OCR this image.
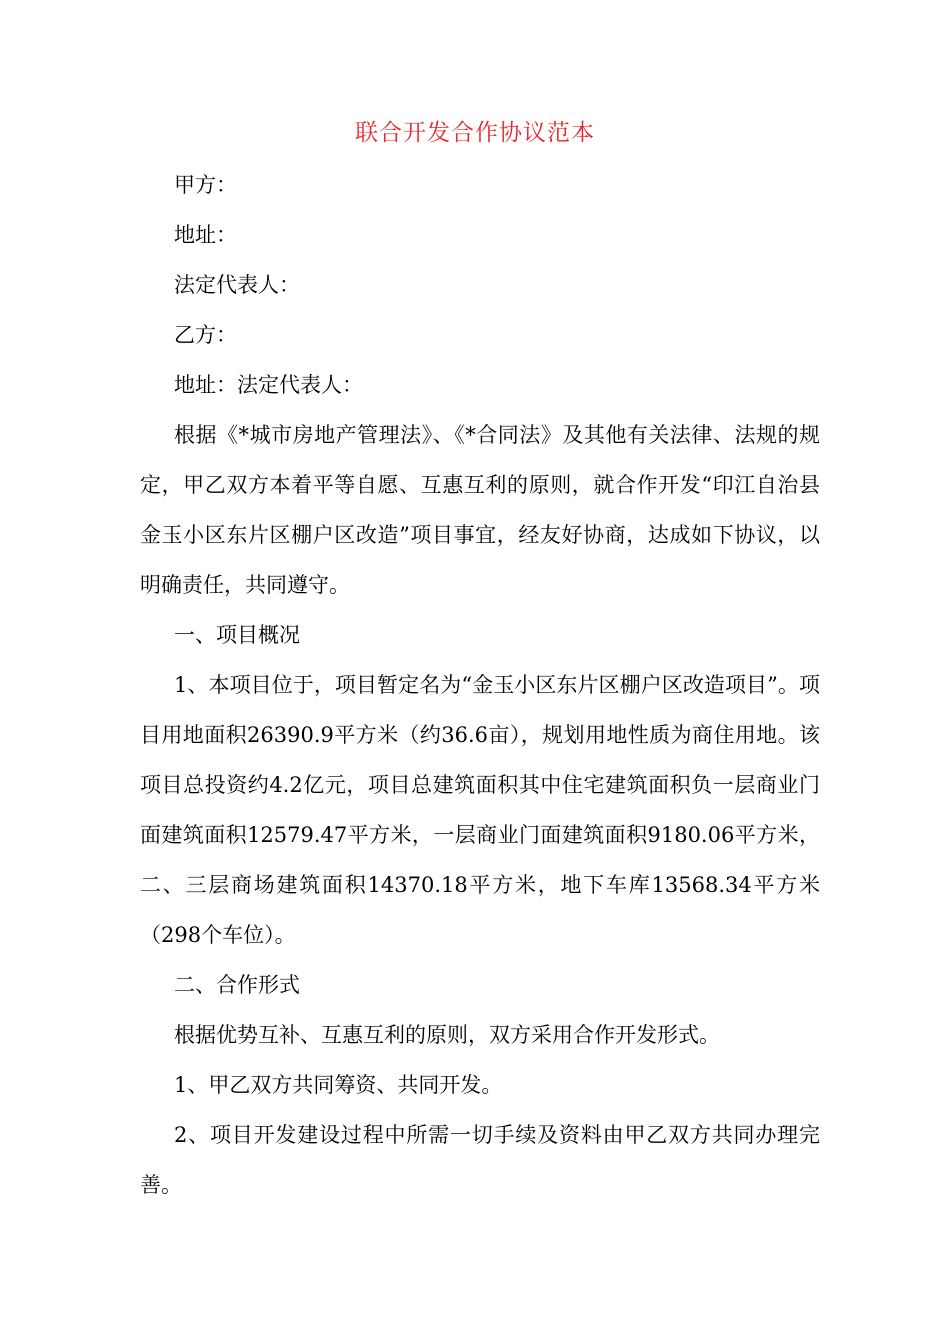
联合开发合作协议范本

甲方：

地址：

法定代表人：

乙方：

地址：法定代表人：

根据《*城市房地产管理法》、《*合同法》及其他有关法律、法规的规定，甲乙双方本着平等自愿、互惠互利的原则，就合作开发“印江自治县金玉小区东片区棚户区改造”项目事宜，经友好协商，达成如下协议，以明确责任，共同遵守。

一、项目概况

1、本项目位于，项目暂定名为“金玉小区东片区棚户区改造项目”。项目用地面积26390.9平方米（约36.6亩），规划用地性质为商住用地。该项目总投资约4.2亿元，项目总建筑面积其中住宅建筑面积负一层商业门面建筑面积12579.47平方米，一层商业门面建筑面积9180.06平方米，二、三层商场建筑面积14370.18平方米，地下车库13568.34平方米（298个车位）。

二、合作形式

根据优势互补、互惠互利的原则，双方采用合作开发形式。

1、甲乙双方共同筹资、共同开发。

2、项目开发建设过程中所需一切手续及资料由甲乙双方共同办理完善。
